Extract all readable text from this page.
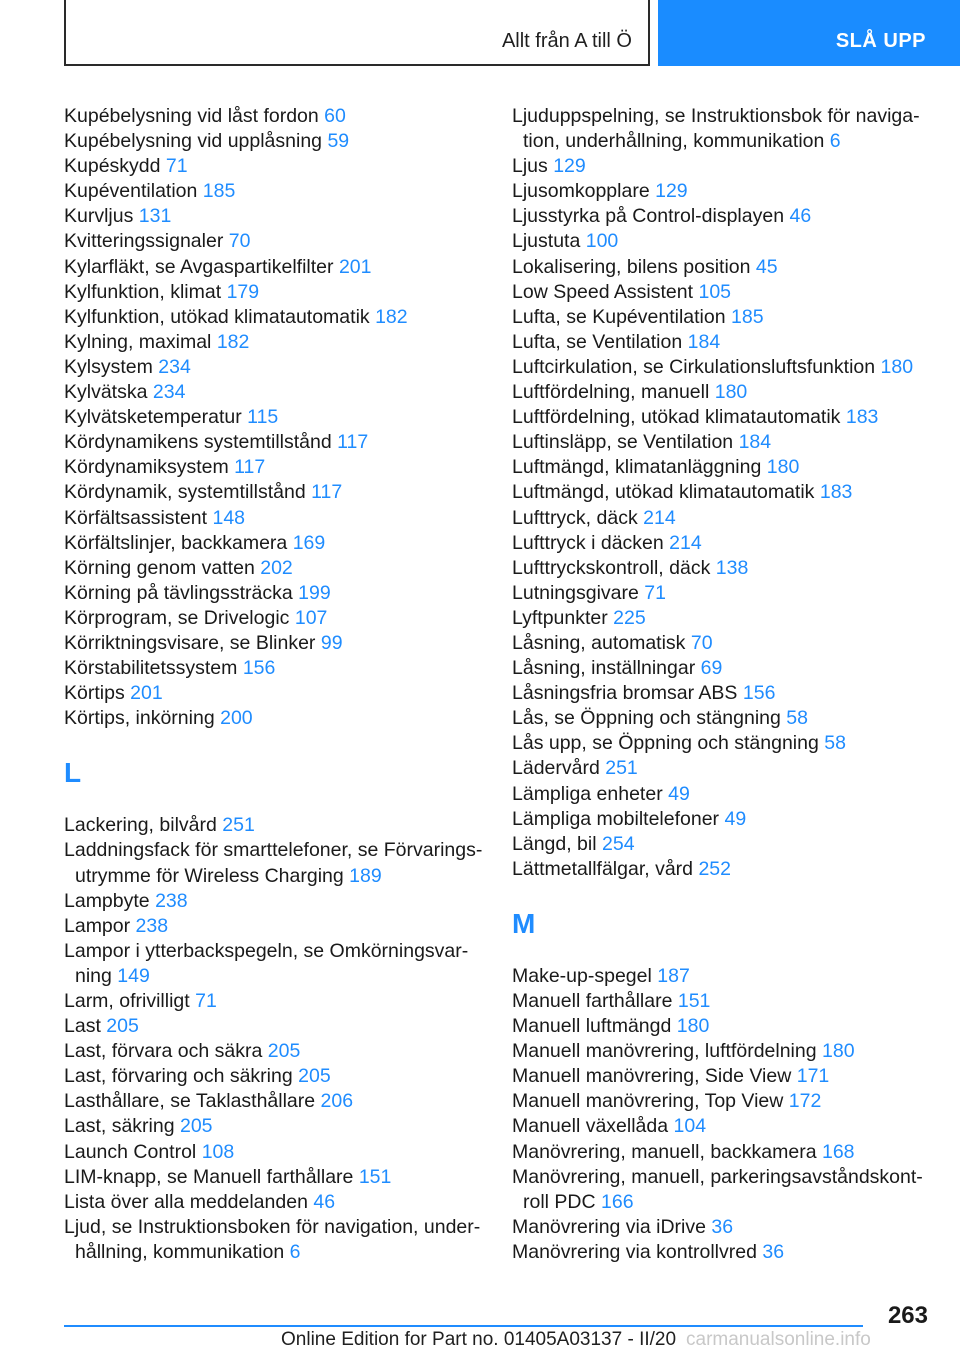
Allt från A till Ö	SLÅ UPP
Kupébelysning vid låst fordon 60
Kupébelysning vid upplåsning 59
Kupéskydd 71
Kupéventilation 185
Kurvljus 131
Kvitteringssignaler 70
Kylarfläkt, se Avgaspartikelfilter 201
Kylfunktion, klimat 179
Kylfunktion, utökad klimatautomatik 182
Kylning, maximal 182
Kylsystem 234
Kylvätska 234
Kylvätsketemperatur 115
Kördynamikens systemtillstånd 117
Kördynamiksystem 117
Kördynamik, systemtillstånd 117
Körfältsassistent 148
Körfältslinjer, backkamera 169
Körning genom vatten 202
Körning på tävlingssträcka 199
Körprogram, se Drivelogic 107
Körriktningsvisare, se Blinker 99
Körstabilitetssystem 156
Körtips 201
Körtips, inkörning 200
L
Lackering, bilvård 251
Laddningsfack för smarttelefoner, se Förvarings-utrymme för Wireless Charging 189
Lampbyte 238
Lampor 238
Lampor i ytterbackspegeln, se Omkörningsvar-ning 149
Larm, ofrivilligt 71
Last 205
Last, förvara och säkra 205
Last, förvaring och säkring 205
Lasthållare, se Taklasthållare 206
Last, säkring 205
Launch Control 108
LIM-knapp, se Manuell farthållare 151
Lista över alla meddelanden 46
Ljud, se Instruktionsboken för navigation, under-hållning, kommunikation 6
Ljuduppspelning, se Instruktionsbok för naviga-tion, underhållning, kommunikation 6
Ljus 129
Ljusomkopplare 129
Ljusstyrka på Control-displayen 46
Ljustuta 100
Lokalisering, bilens position 45
Low Speed Assistent 105
Lufta, se Kupéventilation 185
Lufta, se Ventilation 184
Luftcirkulation, se Cirkulationsluftsfunktion 180
Luftfördelning, manuell 180
Luftfördelning, utökad klimatautomatik 183
Luftinsläpp, se Ventilation 184
Luftmängd, klimatanläggning 180
Luftmängd, utökad klimatautomatik 183
Lufttryck, däck 214
Lufttryck i däcken 214
Lufttryckskontroll, däck 138
Lutningsgivare 71
Lyftpunkter 225
Låsning, automatisk 70
Låsning, inställningar 69
Låsningsfria bromsar ABS 156
Lås, se Öppning och stängning 58
Lås upp, se Öppning och stängning 58
Lädervård 251
Lämpliga enheter 49
Lämpliga mobiltelefoner 49
Längd, bil 254
Lättmetallfälgar, vård 252
M
Make-up-spegel 187
Manuell farthållare 151
Manuell luftmängd 180
Manuell manövrering, luftfördelning 180
Manuell manövrering, Side View 171
Manuell manövrering, Top View 172
Manuell växellåda 104
Manövrering, manuell, backkamera 168
Manövrering, manuell, parkeringsavståndskont-roll PDC 166
Manövrering via iDrive 36
Manövrering via kontrollvred 36
263
Online Edition for Part no. 01405A03137 - II/20 carmanualsonline.info
